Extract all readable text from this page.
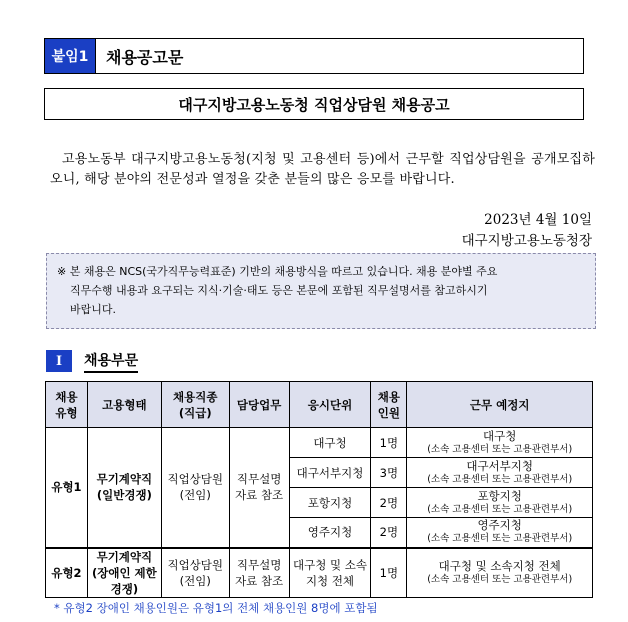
붙임1	채용공고문
대구지방고용노동청 직업상담원 채용공고

고용노동부 대구지방고용노동청(지청 및 고용센터 등)에서 근무할 직업상담원을 공개모집하오니, 해당 분야의 전문성과 열정을 갖춘 분들의 많은 응모를 바랍니다.

2023년 4월 10일
대구지방고용노동청장
※ 본 채용은 NCS(국가직무능력표준) 기반의 채용방식을 따르고 있습니다. 채용 분야별 주요
직무수행 내용과 요구되는 지식·기술·태도 등은 본문에 포함된 직무설명서를 참고하시기
바랍니다.
I	채용부문
채용 유형	고용형태	채용직종 (직급)	담당업무	응시단위	채용 인원	근무 예정지
유형1	무기계약직 (일반경쟁)	직업상담원 (전임)	직무설명 자료 참조	대구청	1명	대구청
(소속 고용센터 또는 고용관련부서)

				대구서부지청	3명	대구서부지청
(소속 고용센터 또는 고용관련부서)

				포항지청	2명	포항지청
(소속 고용센터 또는 고용관련부서)

				영주지청	2명	영주지청
(소속 고용센터 또는 고용관련부서)

유형2	무기계약직 (장애인 제한경쟁)	직업상담원 (전임)	직무설명 자료 참조	대구청 및 소속지청 전체	1명	대구청 및 소속지청 전체
(소속 고용센터 또는 고용관련부서)
* 유형2 장애인 채용인원은 유형1의 전체 채용인원 8명에 포함됨
